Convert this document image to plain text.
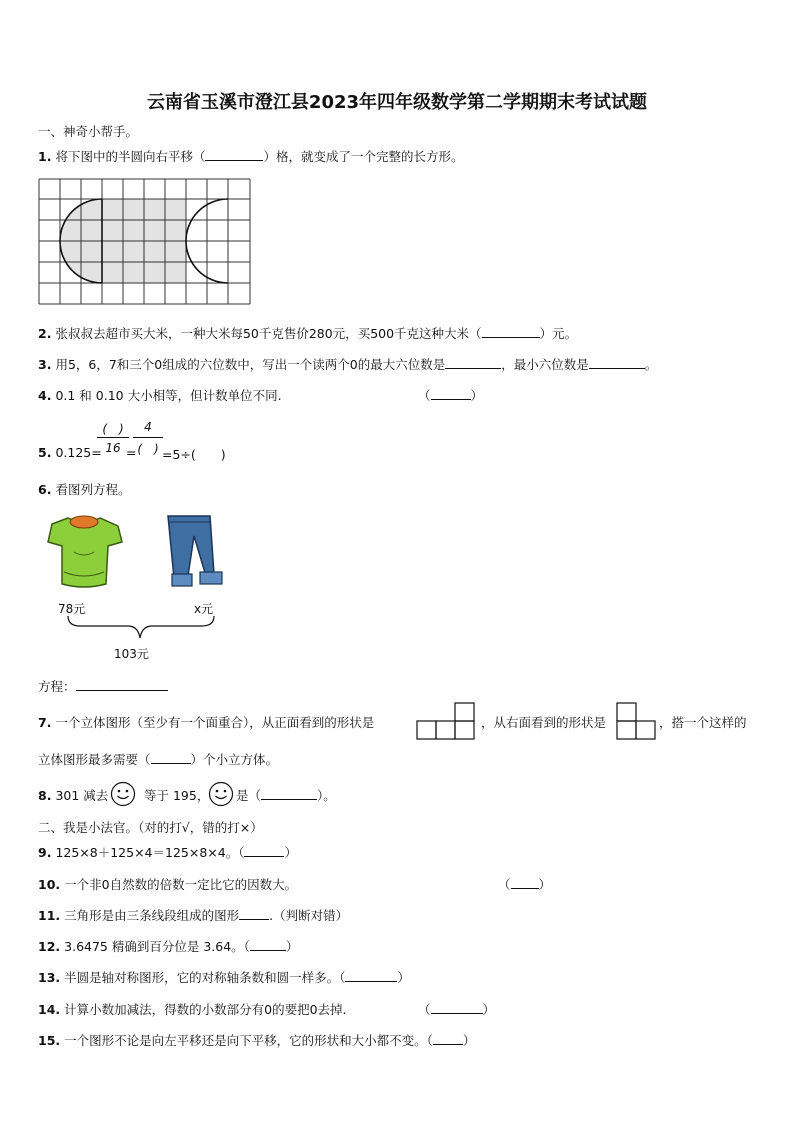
云南省玉溪市澄江县2023年四年级数学第二学期期末考试试题
一、神奇小帮手。
1. 将下图中的半圆向右平移（	）格，就变成了一个完整的长方形。
2. 张叔叔去超市买大米，一种大米每50千克售价280元，买500千克这种大米（	）元。
3. 用5，6，7和三个0组成的六位数中，写出一个读两个0的最大六位数是	，最小六位数是	。
4. 0.1 和 0.10 大小相等，但计数单位不同.	（	）
5. 0.125=
(　)
16 =
4
(　) =5÷(　　)
6. 看图列方程。
78元	x元
103元
方程：
7. 一个立体图形（至少有一个面重合），从正面看到的形状是	，从右面看到的形状是	，搭一个这样的
立体图形最多需要（	）个小立方体。
8. 301 减去	等于 195， 是（	）。
二、我是小法官。（对的打√，错的打×）
9. 125×8＋125×4＝125×8×4。（	）
10. 一个非0自然数的倍数一定比它的因数大。	（ ）
11. 三角形是由三条线段组成的图形 .（判断对错）
12. 3.6475 精确到百分位是 3.64。（	）
13. 半圆是轴对称图形，它的对称轴条数和圆一样多。（	）
14. 计算小数加减法，得数的小数部分有0的要把0去掉.	（	）
15. 一个图形不论是向左平移还是向下平移，它的形状和大小都不变。（ ）
